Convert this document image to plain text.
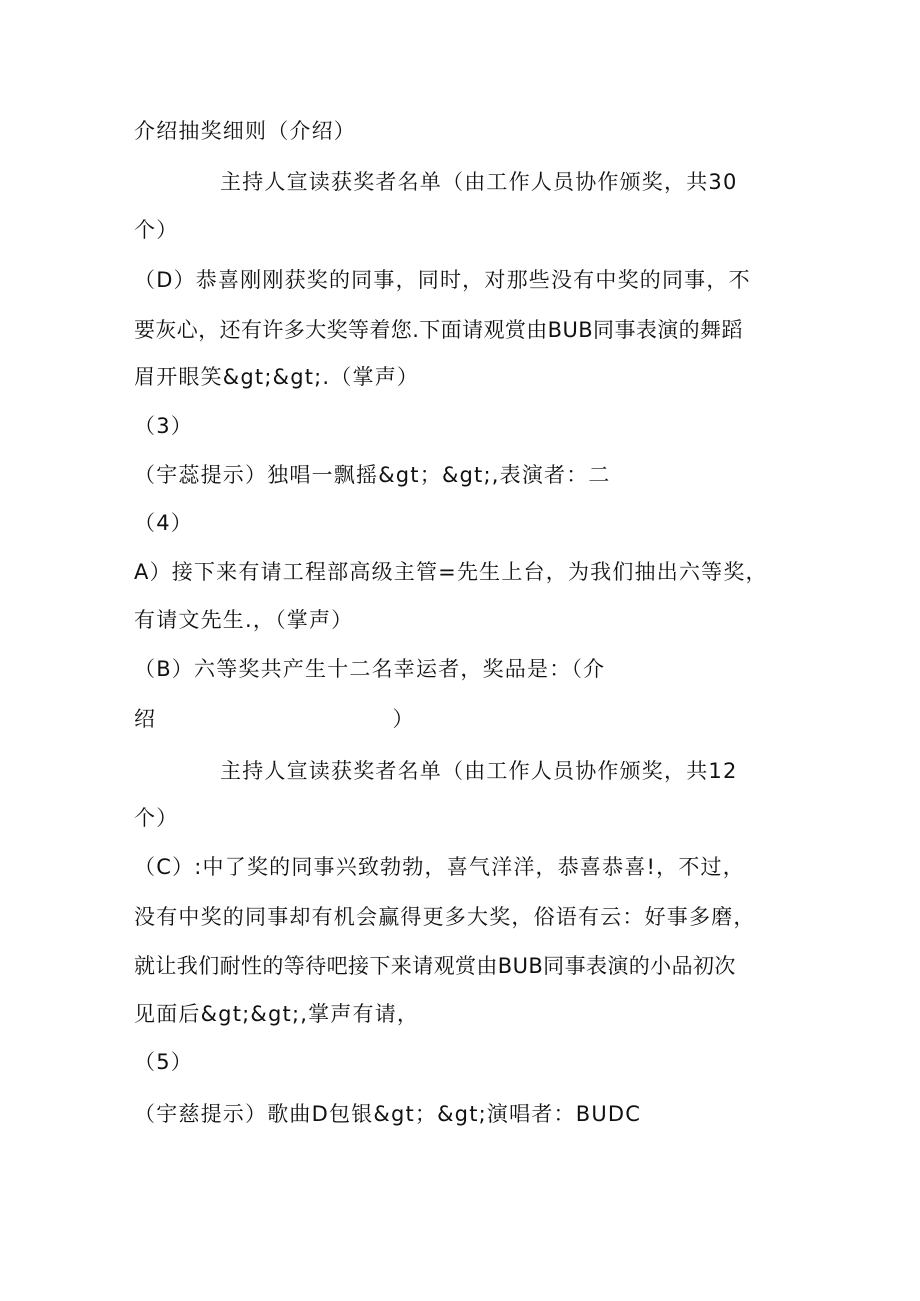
介绍抽奖细则（介绍）

主持人宣读获奖者名单（由工作人员协作颁奖，共30

个）

（D）恭喜刚刚获奖的同事，同时，对那些没有中奖的同事，不

要灰心，还有许多大奖等着您.下面请观赏由BUB同事表演的舞蹈

眉开眼笑&gt;&gt;.（掌声）

（3）

（宇蕊提示）独唱一飘摇&gt；&gt;,表演者：二

（4）

A）接下来有请工程部高级主管=先生上台，为我们抽出六等奖，

有请文先生.，（掌声）

（B）六等奖共产生十二名幸运者，奖品是：（介

绍                              ）

主持人宣读获奖者名单（由工作人员协作颁奖，共12

个）

（C）:中了奖的同事兴致勃勃，喜气洋洋，恭喜恭喜!，不过，

没有中奖的同事却有机会赢得更多大奖，俗语有云：好事多磨，

就让我们耐性的等待吧接下来请观赏由BUB同事表演的小品初次

见面后&gt;&gt;,掌声有请，

（5）

（宇慈提示）歌曲D包银&gt；&gt;演唱者：BUDC
